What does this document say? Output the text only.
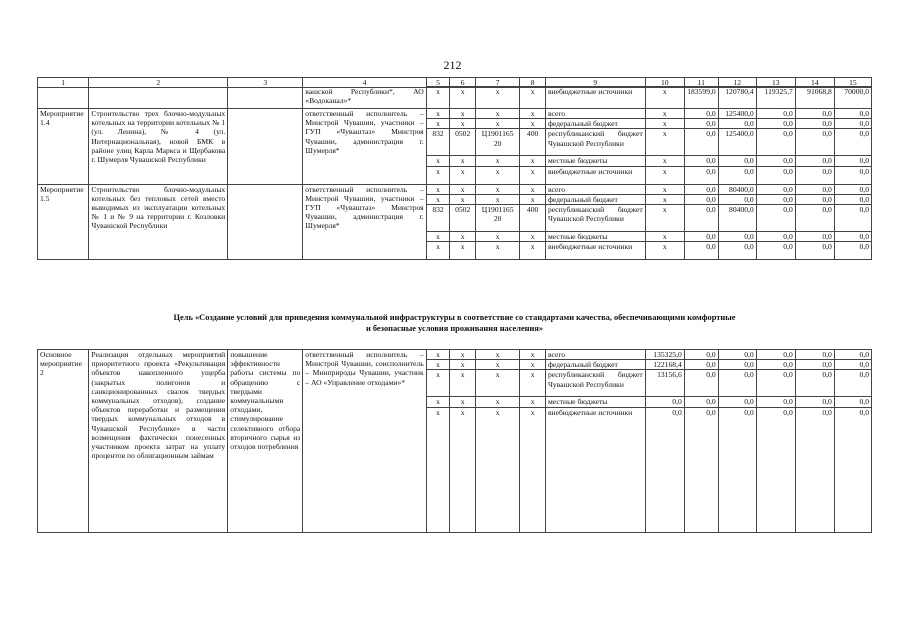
212
1	2	3	4	5	6	7	8	9	10	11	12	13	14	15
			вашской Республики*, АО «Водоканал»*	x	x	x	x	внебюджетные источники	x	183599,0	120780,4	119325,7	91068,8	70000,0
Мероприятие 1.4	Строительство трех блочно-модульных котельных на территории котельных № 1 (ул. Ленина), № 4 (ул. Интернациональная), новой БМК в районе улиц Карла Маркса и Щербакова г. Шумерля Чувашской Республики		ответственный исполнитель – Минстрой Чувашии, участники – ГУП «Чуваштаз» Минстроя Чувашии, администрация г. Шумерля*	x	x	x	x	всего	x	0,0	125400,0	0,0	0,0	0,0
				x	x	x	x	федеральный бюджет	x	0,0	0,0	0,0	0,0	0,0
				832	0502	Ц1901165 20	400	республиканский бюджет Чувашской Республики	x	0,0	125400,0	0,0	0,0	0,0
				x	x	x	x	местные бюджеты	x	0,0	0,0	0,0	0,0	0,0
				x	x	x	x	внебюджетные источники	x	0,0	0,0	0,0	0,0	0,0
Мероприятие 1.5	Строительство блочно-модульных котельных без тепловых сетей вместо выводимых из эксплуатации котельных № 1 и № 9 на территории г. Козловки Чувашской Республики		ответственный исполнитель – Минстрой Чувашии, участники – ГУП «Чуваштаз» Минстроя Чувашии, администрация г. Шумерля*	x	x	x	x	всего	x	0,0	80400,0	0,0	0,0	0,0
				x	x	x	x	федеральный бюджет	x	0,0	0,0	0,0	0,0	0,0
				832	0502	Ц1901165 20	400	республиканский бюджет Чувашской Республики	x	0,0	80400,0	0,0	0,0	0,0
				x	x	x	x	местные бюджеты	x	0,0	0,0	0,0	0,0	0,0
				x	x	x	x	внебюджетные источники	x	0,0	0,0	0,0	0,0	0,0
Цель «Создание условий для приведения коммунальной инфраструктуры в соответствие со стандартами качества, обеспечивающими комфортные
и безопасные условия проживания населения»
Основное мероприятие 2	Реализация отдельных мероприятий приоритетного проекта «Рекультивация объектов накопленного ущерба (закрытых полигонов и санкционированных свалок твердых коммунальных отходов), создание объектов переработки и размещения твердых коммунальных отходов в Чувашской Республике» в части возмещения фактически понесенных участником проекта затрат на уплату процентов по облигационным займам	повышение эффективности работы системы по обращению с твердыми коммунальными отходами, стимулирование селективного отбора вторичного сырья из отходов потребления	ответственный исполнитель – Минстрой Чувашии, соисполнитель – Минприроды Чувашии, участник – АО «Управление отходами»*	x	x	x	x	всего	135325,0	0,0	0,0	0,0	0,0	0,0
				x	x	x	x	федеральный бюджет	122168,4	0,0	0,0	0,0	0,0	0,0
				x	x	x	x	республиканский бюджет Чувашской Республики	13156,6	0,0	0,0	0,0	0,0	0,0
				x	x	x	x	местные бюджеты	0,0	0,0	0,0	0,0	0,0	0,0
				x	x	x	x	внебюджетные источники	0,0	0,0	0,0	0,0	0,0	0,0
